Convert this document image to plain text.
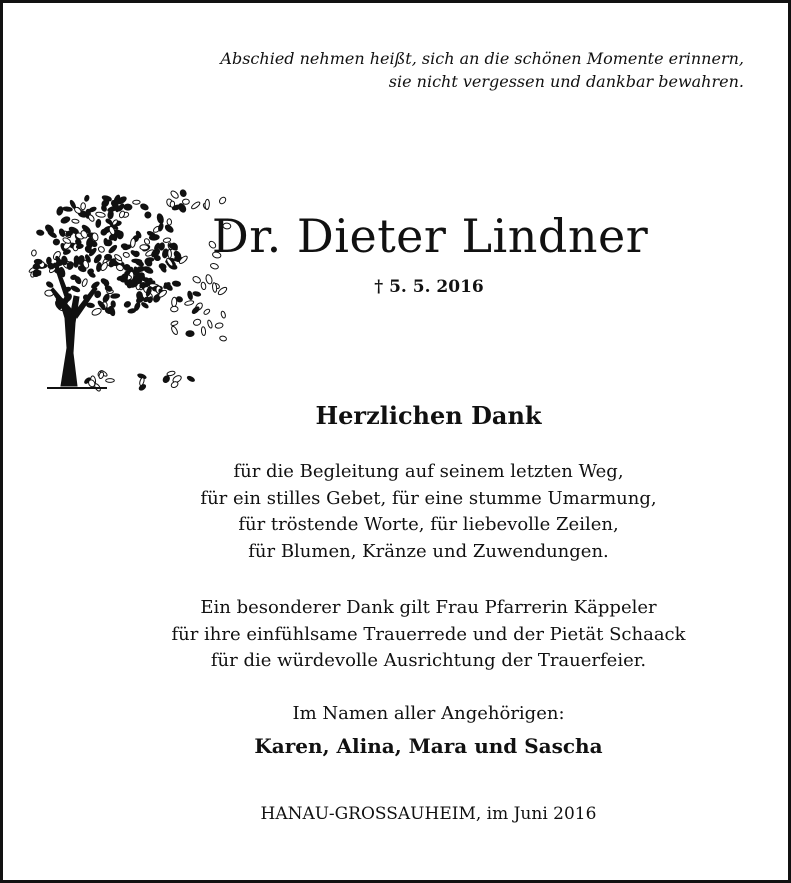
Abschied nehmen heißt, sich an die schönen Momente erinnern,
sie nicht vergessen und dankbar bewahren.
Dr. Dieter Lindner
† 5. 5. 2016
Herzlichen Dank
für die Begleitung auf seinem letzten Weg,
für ein stilles Gebet, für eine stumme Umarmung,
für tröstende Worte, für liebevolle Zeilen,
für Blumen, Kränze und Zuwendungen.
Ein besonderer Dank gilt Frau Pfarrerin Käppeler
für ihre einfühlsame Trauerrede und der Pietät Schaack
für die würdevolle Ausrichtung der Trauerfeier.
Im Namen aller Angehörigen:
Karen, Alina, Mara und Sascha
HANAU-GROSSAUHEIM, im Juni 2016
